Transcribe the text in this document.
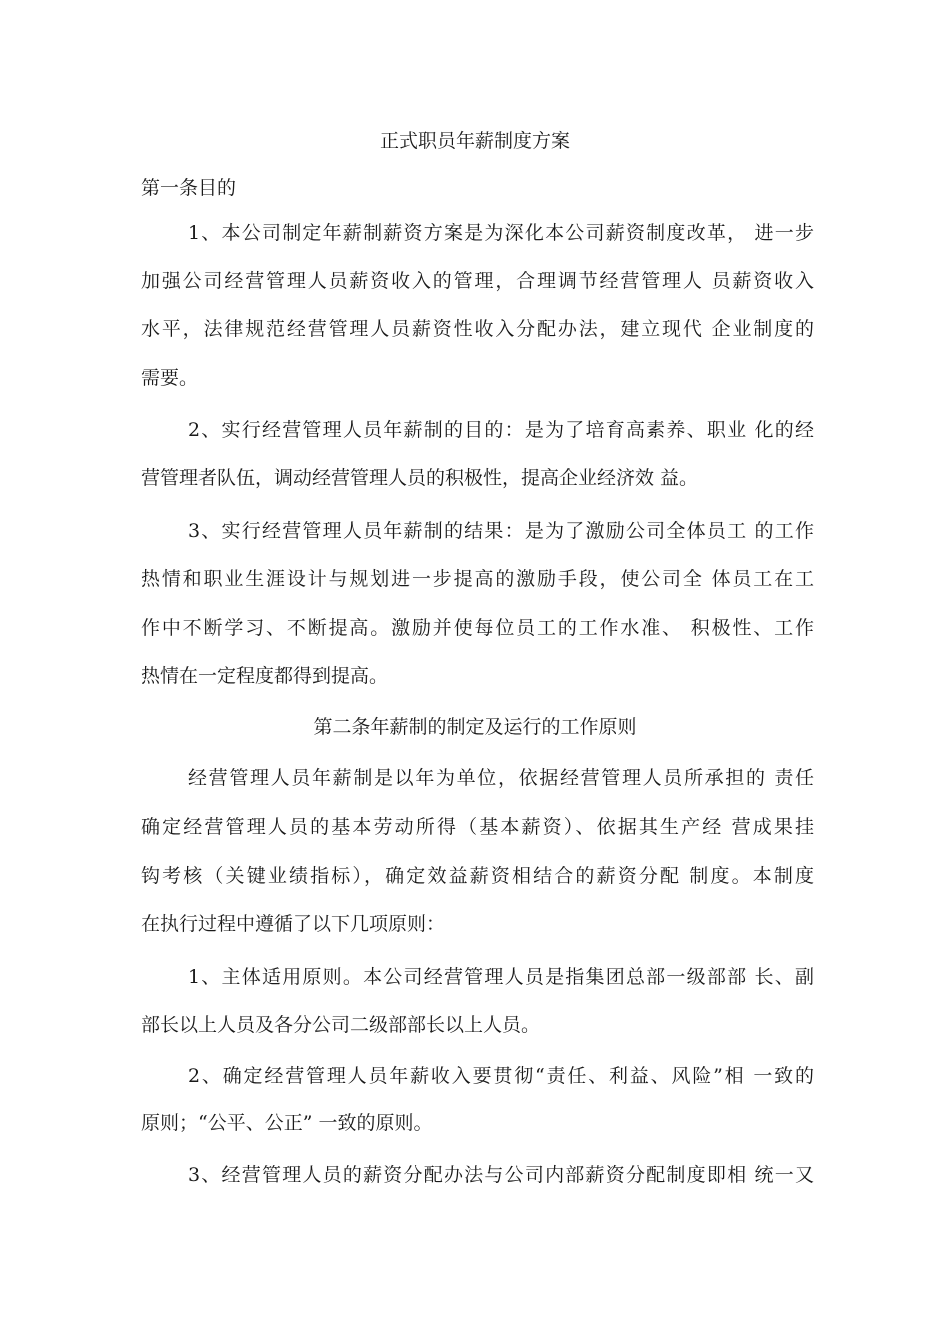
正式职员年薪制度方案
第一条目的
1、本公司制定年薪制薪资方案是为深化本公司薪资制度改革， 进一步
加强公司经营管理人员薪资收入的管理，合理调节经营管理人 员薪资收入
水平，法律规范经营管理人员薪资性收入分配办法，建立现代 企业制度的
需要。
2、实行经营管理人员年薪制的目的：是为了培育高素养、职业 化的经
营管理者队伍，调动经营管理人员的积极性，提高企业经济效 益。
3、实行经营管理人员年薪制的结果：是为了激励公司全体员工 的工作
热情和职业生涯设计与规划进一步提高的激励手段，使公司全 体员工在工
作中不断学习、不断提高。激励并使每位员工的工作水准、 积极性、工作
热情在一定程度都得到提高。
第二条年薪制的制定及运行的工作原则
经营管理人员年薪制是以年为单位，依据经营管理人员所承担的 责任
确定经营管理人员的基本劳动所得（基本薪资）、依据其生产经 营成果挂
钩考核（关键业绩指标），确定效益薪资相结合的薪资分配 制度。本制度
在执行过程中遵循了以下几项原则：
1、主体适用原则。本公司经营管理人员是指集团总部一级部部 长、副
部长以上人员及各分公司二级部部长以上人员。
2、确定经营管理人员年薪收入要贯彻“责任、利益、风险”相 一致的
原则；“公平、公正” 一致的原则。
3、经营管理人员的薪资分配办法与公司内部薪资分配制度即相 统一又
